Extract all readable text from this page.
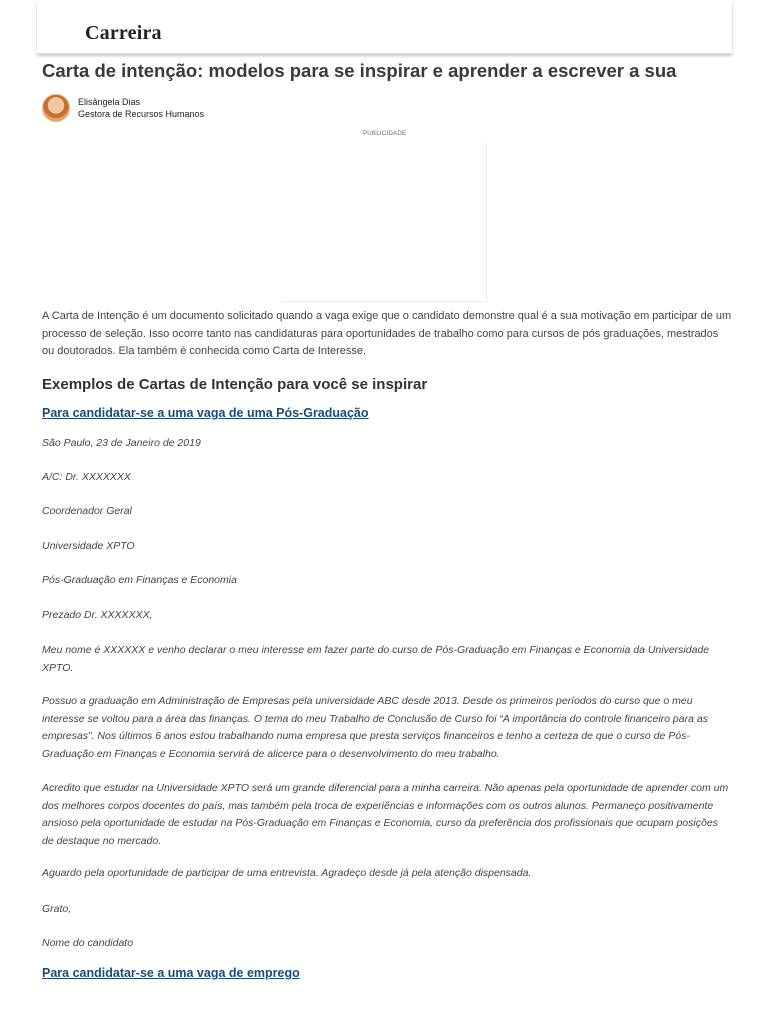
Carreira
Carta de intenção: modelos para se inspirar e aprender a escrever a sua
Elisângela Dias
Gestora de Recursos Humanos
PUBLICIDADE

A Carta de Intenção é um documento solicitado quando a vaga exige que o candidato demonstre qual é a sua motivação em participar de um processo de seleção. Isso ocorre tanto nas candidaturas para oportunidades de trabalho como para cursos de pós graduações, mestrados ou doutorados. Ela também é conhecida como Carta de Interesse.

Exemplos de Cartas de Intenção para você se inspirar
Para candidatar-se a uma vaga de uma Pós-Graduação

São Paulo, 23 de Janeiro de 2019

A/C: Dr. XXXXXXX

Coordenador Geral

Universidade XPTO

Pós-Graduação em Finanças e Economia

Prezado Dr. XXXXXXX,

Meu nome é XXXXXX e venho declarar o meu interesse em fazer parte do curso de Pós-Graduação em Finanças e Economia da Universidade XPTO.

Possuo a graduação em Administração de Empresas pela universidade ABC desde 2013. Desde os primeiros períodos do curso que o meu interesse se voltou para a área das finanças. O tema do meu Trabalho de Conclusão de Curso foi “A importância do controle financeiro para as empresas”. Nos últimos 6 anos estou trabalhando numa empresa que presta serviços financeiros e tenho a certeza de que o curso de Pós-Graduação em Finanças e Economia servirá de alicerce para o desenvolvimento do meu trabalho.

Acredito que estudar na Universidade XPTO será um grande diferencial para a minha carreira. Não apenas pela oportunidade de aprender com um dos melhores corpos docentes do país, mas também pela troca de experiências e informações com os outros alunos. Permaneço positivamente ansioso pela oportunidade de estudar na Pós-Graduação em Finanças e Economia, curso da preferência dos profissionais que ocupam posições de destaque no mercado.

Aguardo pela oportunidade de participar de uma entrevista. Agradeço desde já pela atenção dispensada.

Grato,

Nome do candidato

Para candidatar-se a uma vaga de emprego
